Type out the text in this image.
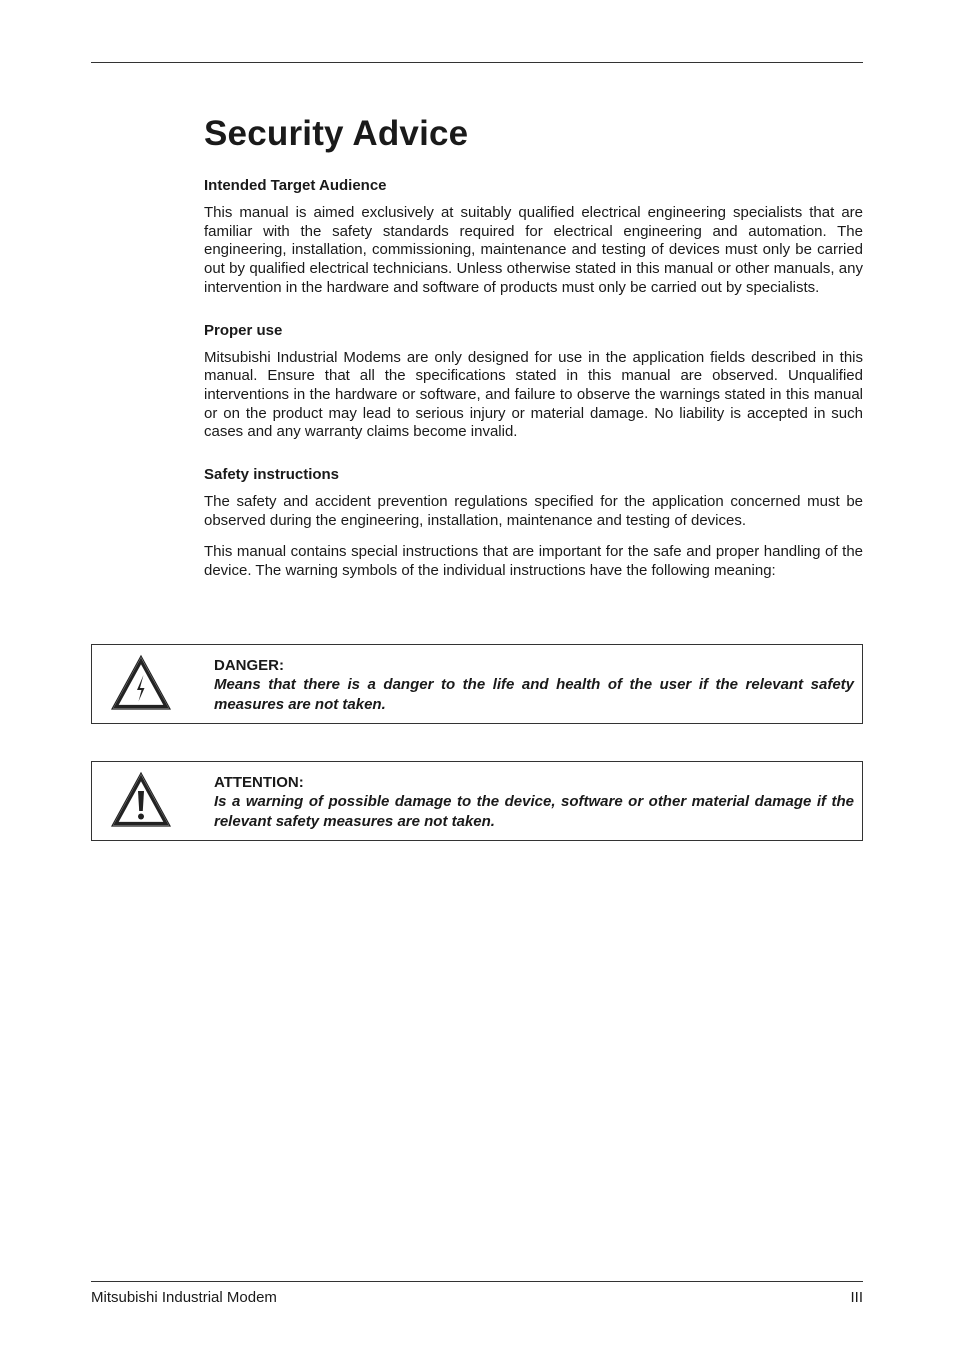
Security Advice
Intended Target Audience

This manual is aimed exclusively at suitably qualified electrical engineering specialists that are familiar with the safety standards required for electrical engineering and automation. The engineering, installation, commissioning, maintenance and testing of devices must only be carried out by qualified electrical technicians. Unless otherwise stated in this manual or other manuals, any intervention in the hardware and software of products must only be carried out by specialists.

Proper use

Mitsubishi Industrial Modems are only designed for use in the application fields described in this manual. Ensure that all the specifications stated in this manual are observed. Unqualified interventions in the hardware or software, and failure to observe the warnings stated in this manual or on the product may lead to serious injury or material damage. No liability is accepted in such cases and any warranty claims become invalid.

Safety instructions

The safety and accident prevention regulations specified for the application concerned must be observed during the engineering, installation, maintenance and testing of devices.

This manual contains special instructions that are important for the safe and proper handling of the device. The warning symbols of the individual instructions have the following meaning:

DANGER:
Means that there is a danger to the life and health of the user if the relevant safety measures are not taken.
ATTENTION:
Is a warning of possible damage to the device, software or other material damage if the relevant safety measures are not taken.
Mitsubishi Industrial Modem	III
